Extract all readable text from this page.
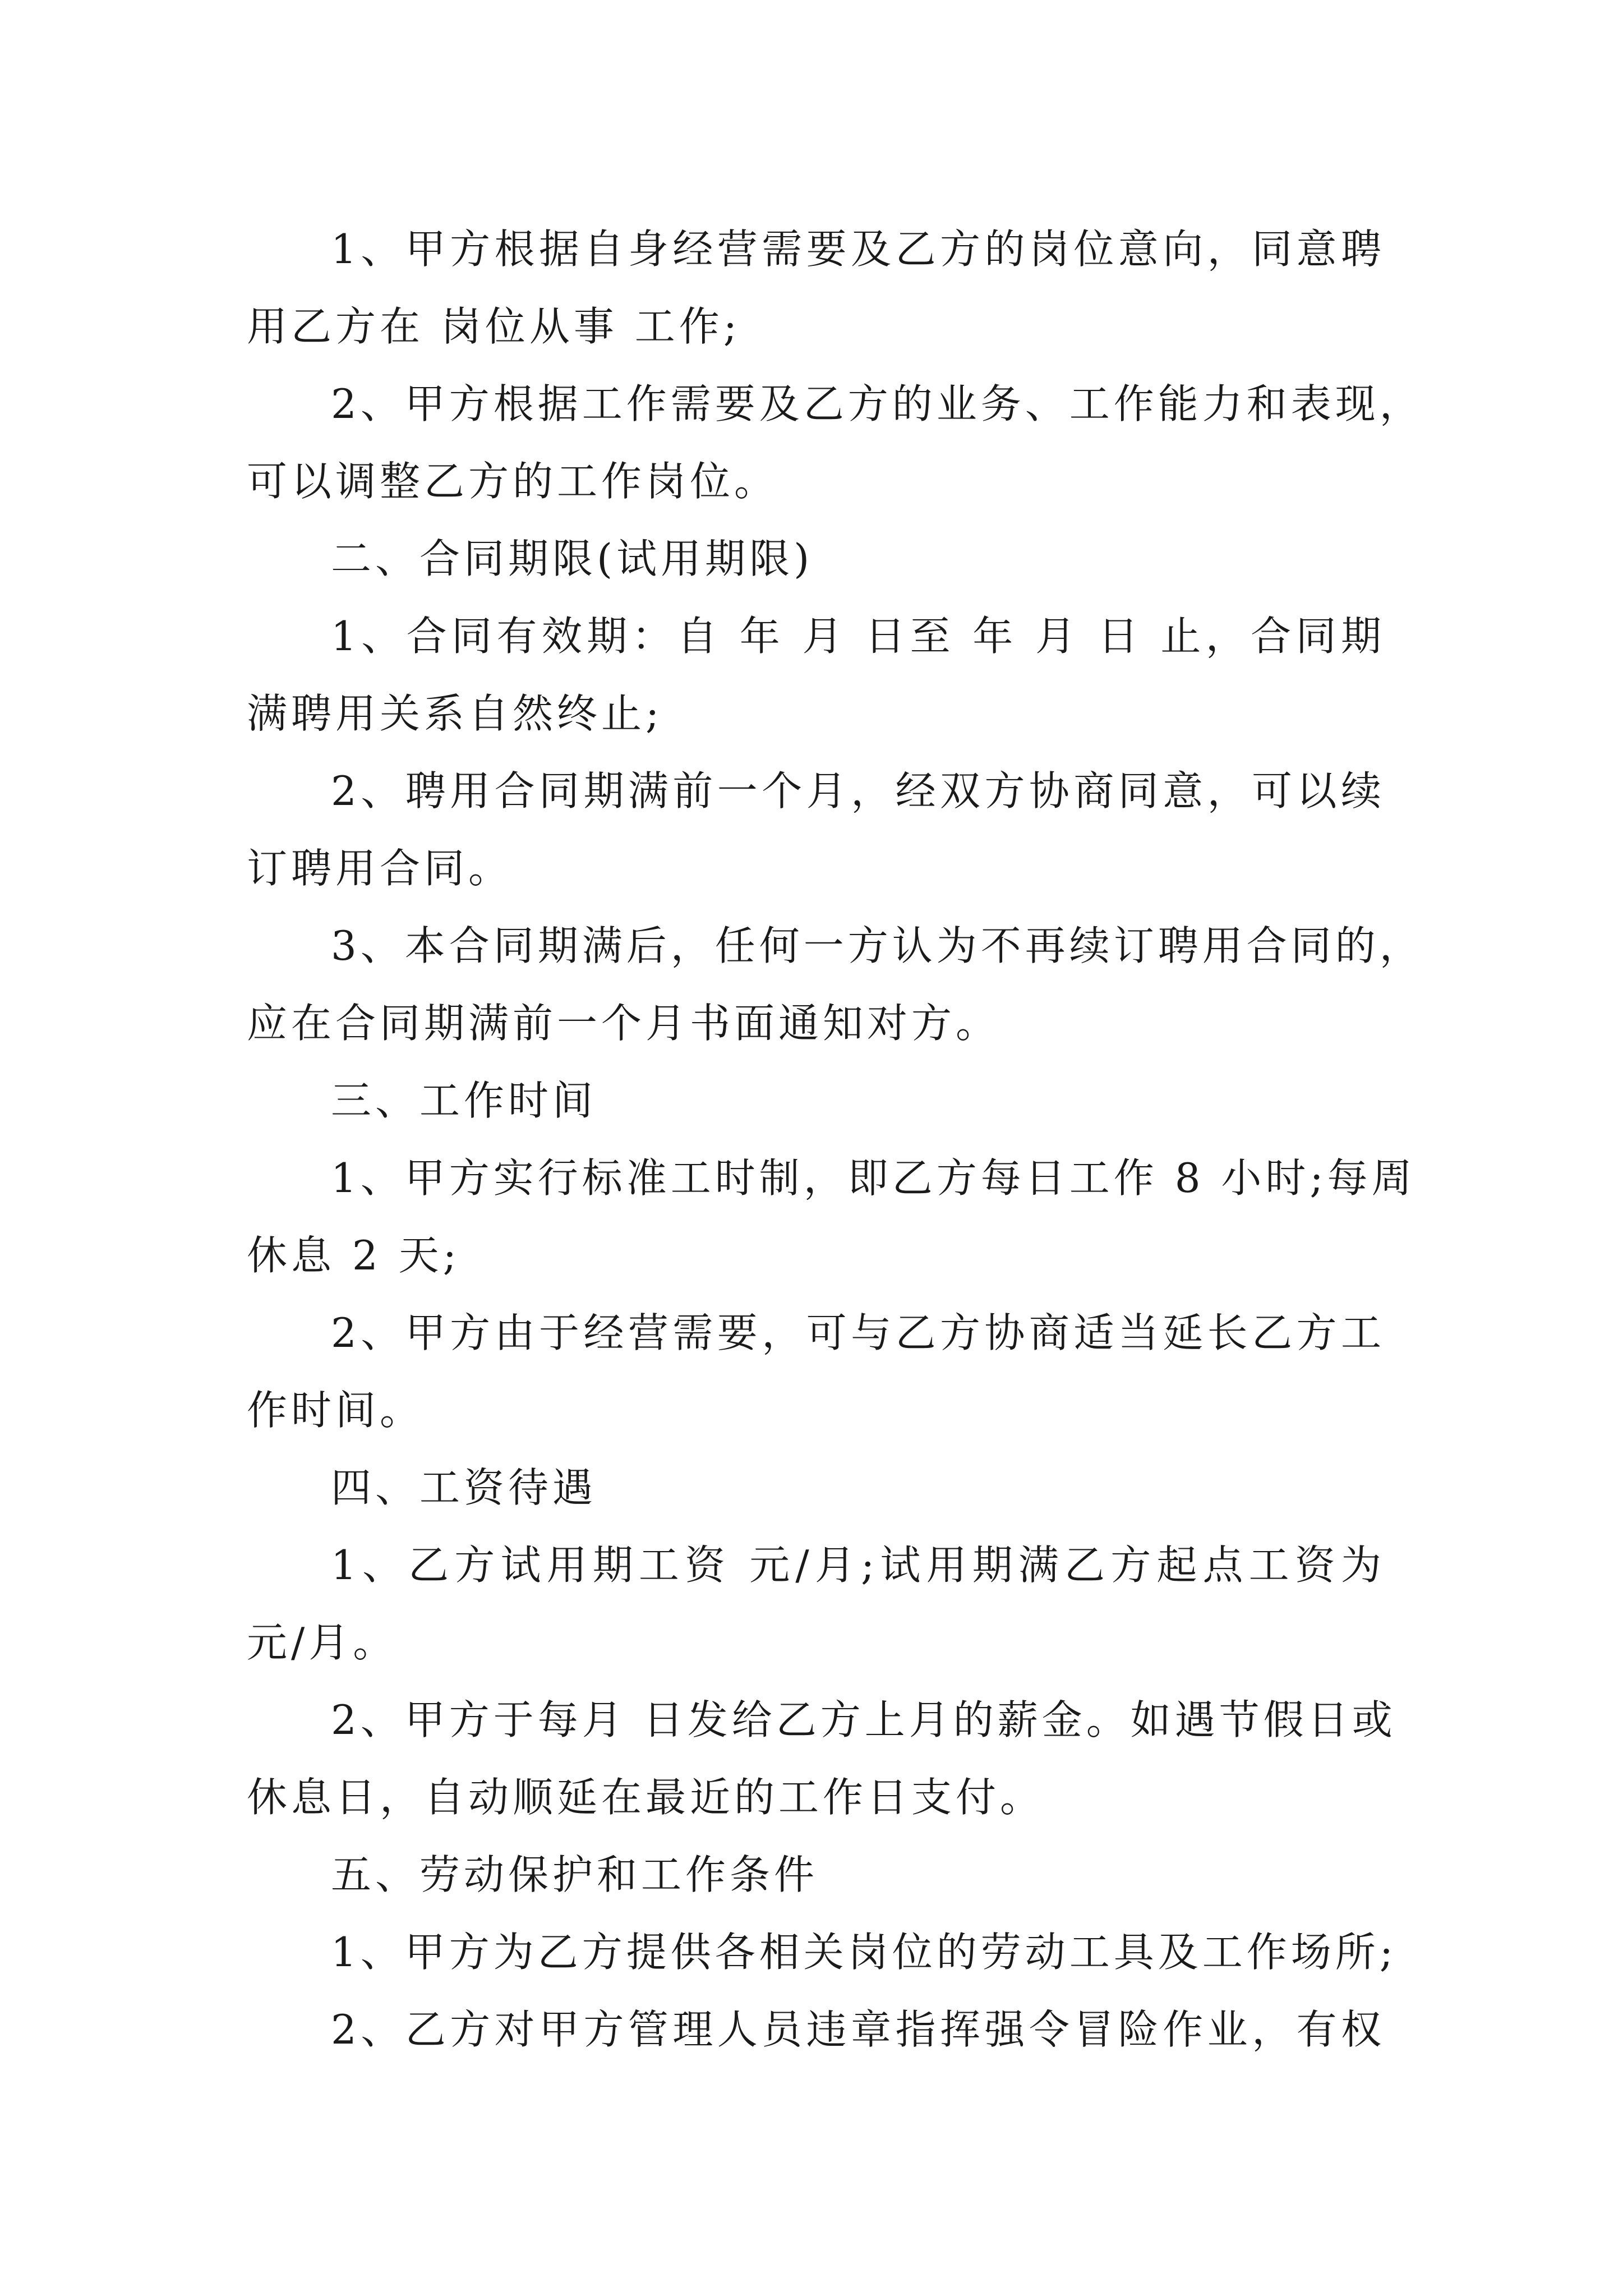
1、甲方根据自身经营需要及乙方的岗位意向，同意聘
用乙方在 岗位从事 工作;
2、甲方根据工作需要及乙方的业务、工作能力和表现，
可以调整乙方的工作岗位。
二、合同期限(试用期限)
1、合同有效期：自 年 月 日至 年 月 日 止，合同期
满聘用关系自然终止;
2、聘用合同期满前一个月，经双方协商同意，可以续
订聘用合同。
3、本合同期满后，任何一方认为不再续订聘用合同的，
应在合同期满前一个月书面通知对方。
三、工作时间
1、甲方实行标准工时制，即乙方每日工作 8 小时;每周
休息 2 天;
2、甲方由于经营需要，可与乙方协商适当延长乙方工
作时间。
四、工资待遇
1、乙方试用期工资 元/月;试用期满乙方起点工资为
元/月。
2、甲方于每月 日发给乙方上月的薪金。如遇节假日或
休息日，自动顺延在最近的工作日支付。
五、劳动保护和工作条件
1、甲方为乙方提供各相关岗位的劳动工具及工作场所;
2、乙方对甲方管理人员违章指挥强令冒险作业，有权
